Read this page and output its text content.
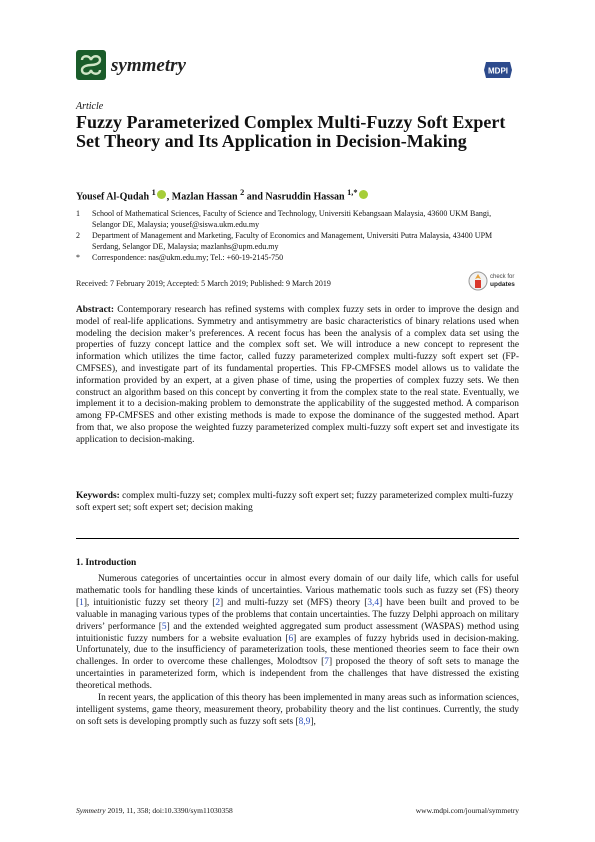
symmetry	MDPI
Article
Fuzzy Parameterized Complex Multi-Fuzzy Soft Expert Set Theory and Its Application in Decision-Making
Yousef Al-Qudah $^1$ , Mazlan Hassan $^2$ and Nasruddin Hassan $^{1,*}$
1	School of Mathematical Sciences, Faculty of Science and Technology, Universiti Kebangsaan Malaysia, 43600 UKM Bangi, Selangor DE, Malaysia; yousef@siswa.ukm.edu.my
2	Department of Management and Marketing, Faculty of Economics and Management, Universiti Putra Malaysia, 43400 UPM Serdang, Selangor DE, Malaysia; mazlanhs@upm.edu.my
*	Correspondence: nas@ukm.edu.my; Tel.: +60-19-2145-750
Received: 7 February 2019; Accepted: 5 March 2019; Published: 9 March 2019
check for
updates
Abstract: Contemporary research has refined systems with complex fuzzy sets in order to improve the design and model of real-life applications. Symmetry and antisymmetry are basic characteristics of binary relations used when modeling the decision maker’s preferences. A recent focus has been the analysis of a complex data set using the properties of fuzzy concept lattice and the complex soft set. We will introduce a new concept to represent the information which utilizes the time factor, called fuzzy parameterized complex multi-fuzzy soft expert set (FP-CMFSES), and investigate part of its fundamental properties. This FP-CMFSES model allows us to validate the information provided by an expert, at a given phase of time, using the properties of complex fuzzy sets. We then construct an algorithm based on this concept by converting it from the complex state to the real state. Eventually, we implement it to a decision-making problem to demonstrate the applicability of the suggested method. A comparison among FP-CMFSES and other existing methods is made to expose the dominance of the suggested method. Apart from that, we also propose the weighted fuzzy parameterized complex multi-fuzzy soft expert set and investigate its application to decision-making.
Keywords: complex multi-fuzzy set; complex multi-fuzzy soft expert set; fuzzy parameterized complex multi-fuzzy soft expert set; soft expert set; decision making
1. Introduction

Numerous categories of uncertainties occur in almost every domain of our daily life, which calls for useful mathematic tools for handling these kinds of uncertainties. Various mathematic tools such as fuzzy set (FS) theory [1], intuitionistic fuzzy set theory [2] and multi-fuzzy set (MFS) theory [3,4] have been built and proved to be valuable in managing various types of the problems that contain uncertainties. The fuzzy Delphi approach on military drivers’ performance [5] and the extended weighted aggregated sum product assessment (WASPAS) method using intuitionistic fuzzy numbers for a website evaluation [6] are examples of fuzzy hybrids used in decision-making. Unfortunately, due to the insufficiency of parameterization tools, these mentioned theories seem to face their own challenges. In order to overcome these challenges, Molodtsov [7] proposed the theory of soft sets to manage the uncertainties in parameterized form, which is independent from the challenges that have distressed the existing theoretical methods.

In recent years, the application of this theory has been implemented in many areas such as information sciences, intelligent systems, game theory, measurement theory, probability theory and the list continues. Currently, the study on soft sets is developing promptly such as fuzzy soft sets [8,9],

Symmetry 2019, 11, 358; doi:10.3390/sym11030358	www.mdpi.com/journal/symmetry
